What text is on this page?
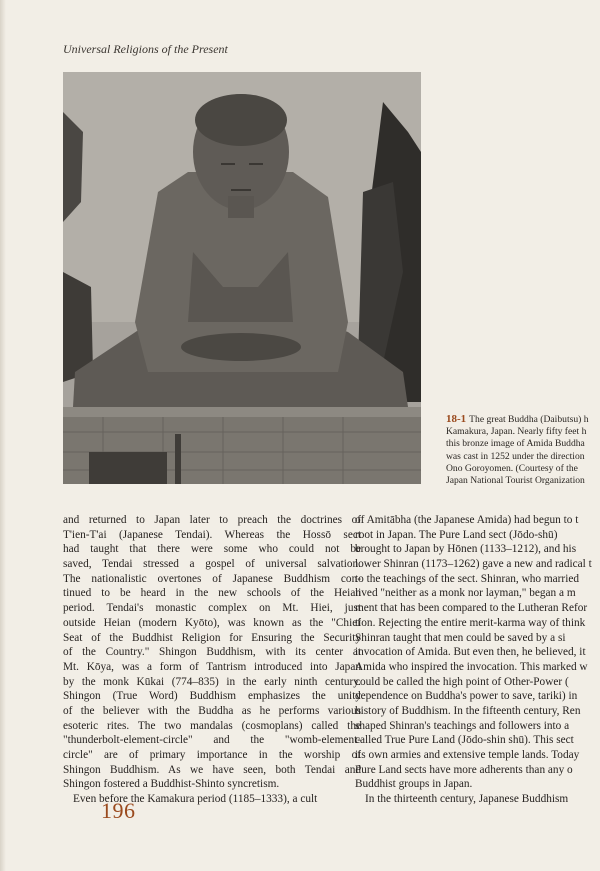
Universal Religions of the Present
18-1 The great Buddha (Daibutsu) h
Kamakura, Japan. Nearly fifty feet h
this bronze image of Amida Buddha
was cast in 1252 under the direction
Ono Goroyomen. (Courtesy of the
Japan National Tourist Organization
and returned to Japan later to preach the doctrines of
T'ien-T'ai (Japanese Tendai). Whereas the Hossō sect
had taught that there were some who could not be
saved, Tendai stressed a gospel of universal salvation.
The nationalistic overtones of Japanese Buddhism con-
tinued to be heard in the new schools of the Heian
period. Tendai's monastic complex on Mt. Hiei, just
outside Heian (modern Kyōto), was known as the "Chief
Seat of the Buddhist Religion for Ensuring the Security
of the Country." Shingon Buddhism, with its center at
Mt. Kōya, was a form of Tantrism introduced into Japan
by the monk Kūkai (774–835) in the early ninth century.
Shingon (True Word) Buddhism emphasizes the unity
of the believer with the Buddha as he performs various
esoteric rites. The two mandalas (cosmoplans) called the
"thunderbolt-element-circle" and the "womb-element-
circle" are of primary importance in the worship of
Shingon Buddhism. As we have seen, both Tendai and
Shingon fostered a Buddhist-Shinto syncretism.
Even before the Kamakura period (1185–1333), a cult
of Amitābha (the Japanese Amida) had begun to t
root in Japan. The Pure Land sect (Jōdo-shū)
brought to Japan by Hōnen (1133–1212), and his
lower Shinran (1173–1262) gave a new and radical t
to the teachings of the sect. Shinran, who married
lived "neither as a monk nor layman," began a m
ment that has been compared to the Lutheran Refor
tion. Rejecting the entire merit-karma way of think
Shinran taught that men could be saved by a si
invocation of Amida. But even then, he believed, it
Amida who inspired the invocation. This marked w
could be called the high point of Other-Power (
dependence on Buddha's power to save, tariki) in
history of Buddhism. In the fifteenth century, Ren
shaped Shinran's teachings and followers into a
called True Pure Land (Jōdo-shin shū). This sect
its own armies and extensive temple lands. Today
Pure Land sects have more adherents than any o
Buddhist groups in Japan.
In the thirteenth century, Japanese Buddhism
196
